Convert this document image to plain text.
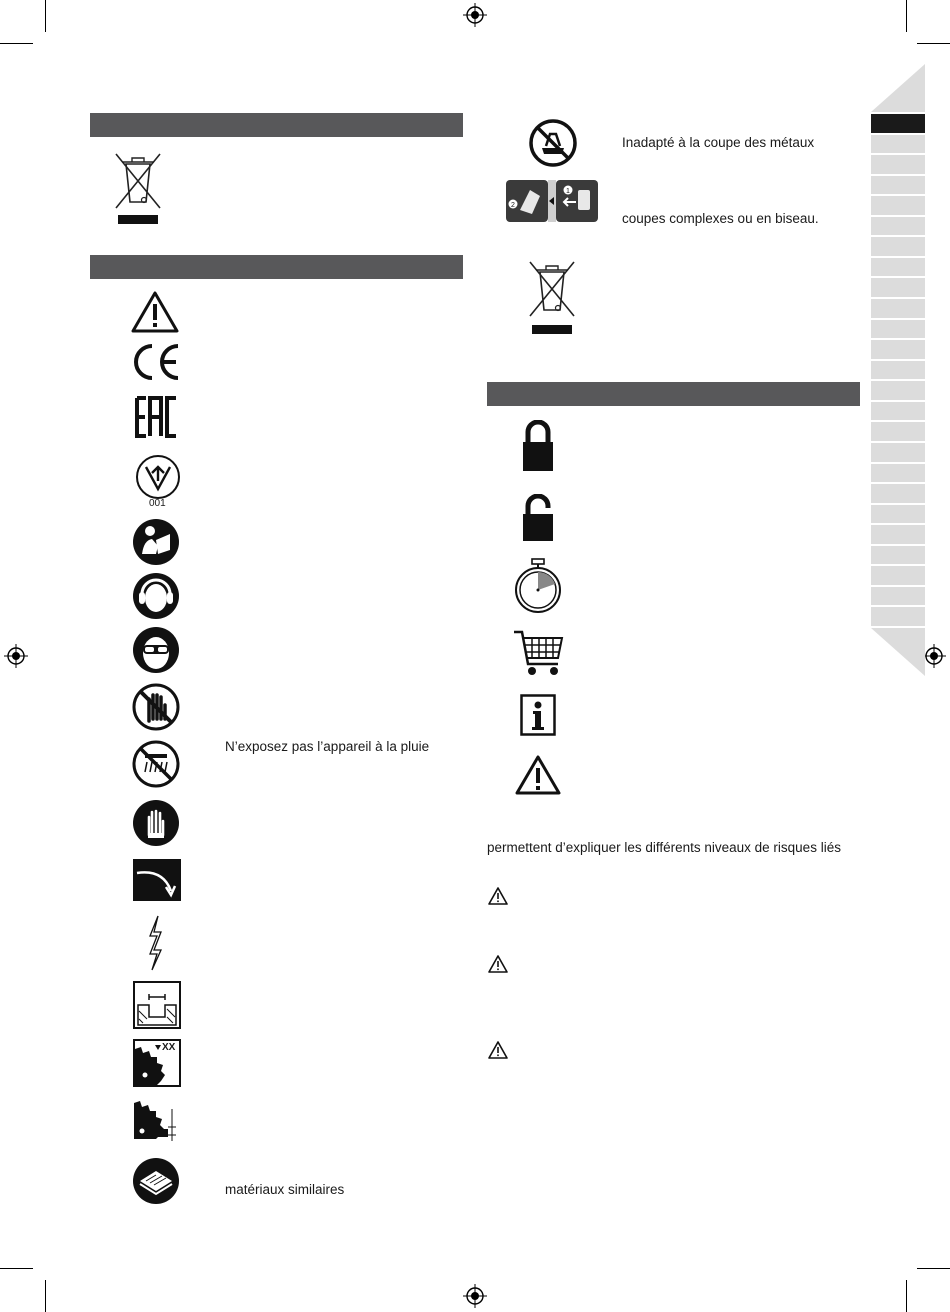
001
N’exposez pas l’appareil à la pluie
XX
matériaux similaires
Inadapté à la coupe des métaux
2
1
coupes complexes ou en biseau.
permettent d’expliquer les différents niveaux de risques liés
